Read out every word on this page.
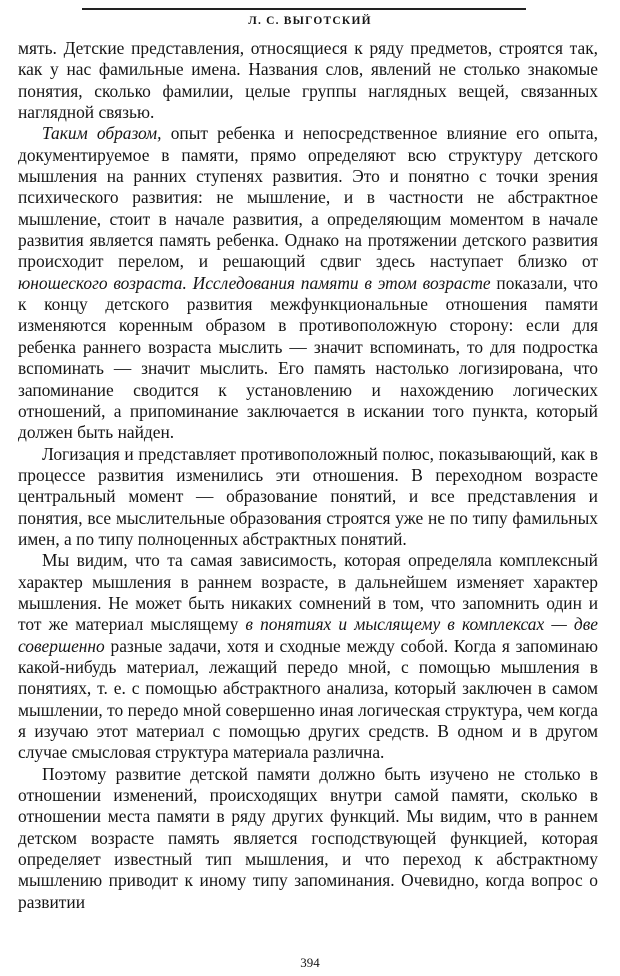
Л. С. ВЫГОТСКИЙ

мять. Детские представления, относящиеся к ряду предметов, строятся так, как у нас фамильные имена. Названия слов, явлений не столько знакомые понятия, сколько фамилии, целые группы наглядных вещей, связанных наглядной связью.

Таким образом, опыт ребенка и непосредственное влияние его опыта, документируемое в памяти, прямо определяют всю структуру детского мышления на ранних ступенях развития. Это и понятно с точки зрения психического развития: не мышление, и в частности не абстрактное мышление, стоит в начале развития, а определяющим моментом в начале развития является память ребенка. Однако на протяжении детского развития происходит перелом, и решающий сдвиг здесь наступает близко от юношеского возраста. Исследования памяти в этом возрасте показали, что к концу детского развития межфункциональные отношения памяти изменяются коренным образом в противоположную сторону: если для ребенка раннего возраста мыслить — значит вспоминать, то для подростка вспоминать — значит мыслить. Его память настолько логизирована, что запоминание сводится к установлению и нахождению логических отношений, а припоминание заключается в искании того пункта, который должен быть найден.

Логизация и представляет противоположный полюс, показывающий, как в процессе развития изменились эти отношения. В переходном возрасте центральный момент — образование понятий, и все представления и понятия, все мыслительные образования строятся уже не по типу фамильных имен, а по типу полноценных абстрактных понятий.

Мы видим, что та самая зависимость, которая определяла комплексный характер мышления в раннем возрасте, в дальнейшем изменяет характер мышления. Не может быть никаких сомнений в том, что запомнить один и тот же материал мыслящему в понятиях и мыслящему в комплексах — две совершенно разные задачи, хотя и сходные между собой. Когда я запоминаю какой-нибудь материал, лежащий передо мной, с помощью мышления в понятиях, т. е. с помощью абстрактного анализа, который заключен в самом мышлении, то передо мной совершенно иная логическая структура, чем когда я изучаю этот материал с помощью других средств. В одном и в другом случае смысловая структура материала различна.

Поэтому развитие детской памяти должно быть изучено не столько в отношении изменений, происходящих внутри самой памяти, сколько в отношении места памяти в ряду других функций. Мы видим, что в раннем детском возрасте память является господствующей функцией, которая определяет известный тип мышления, и что переход к абстрактному мышлению приводит к иному типу запоминания. Очевидно, когда вопрос о развитии

394
